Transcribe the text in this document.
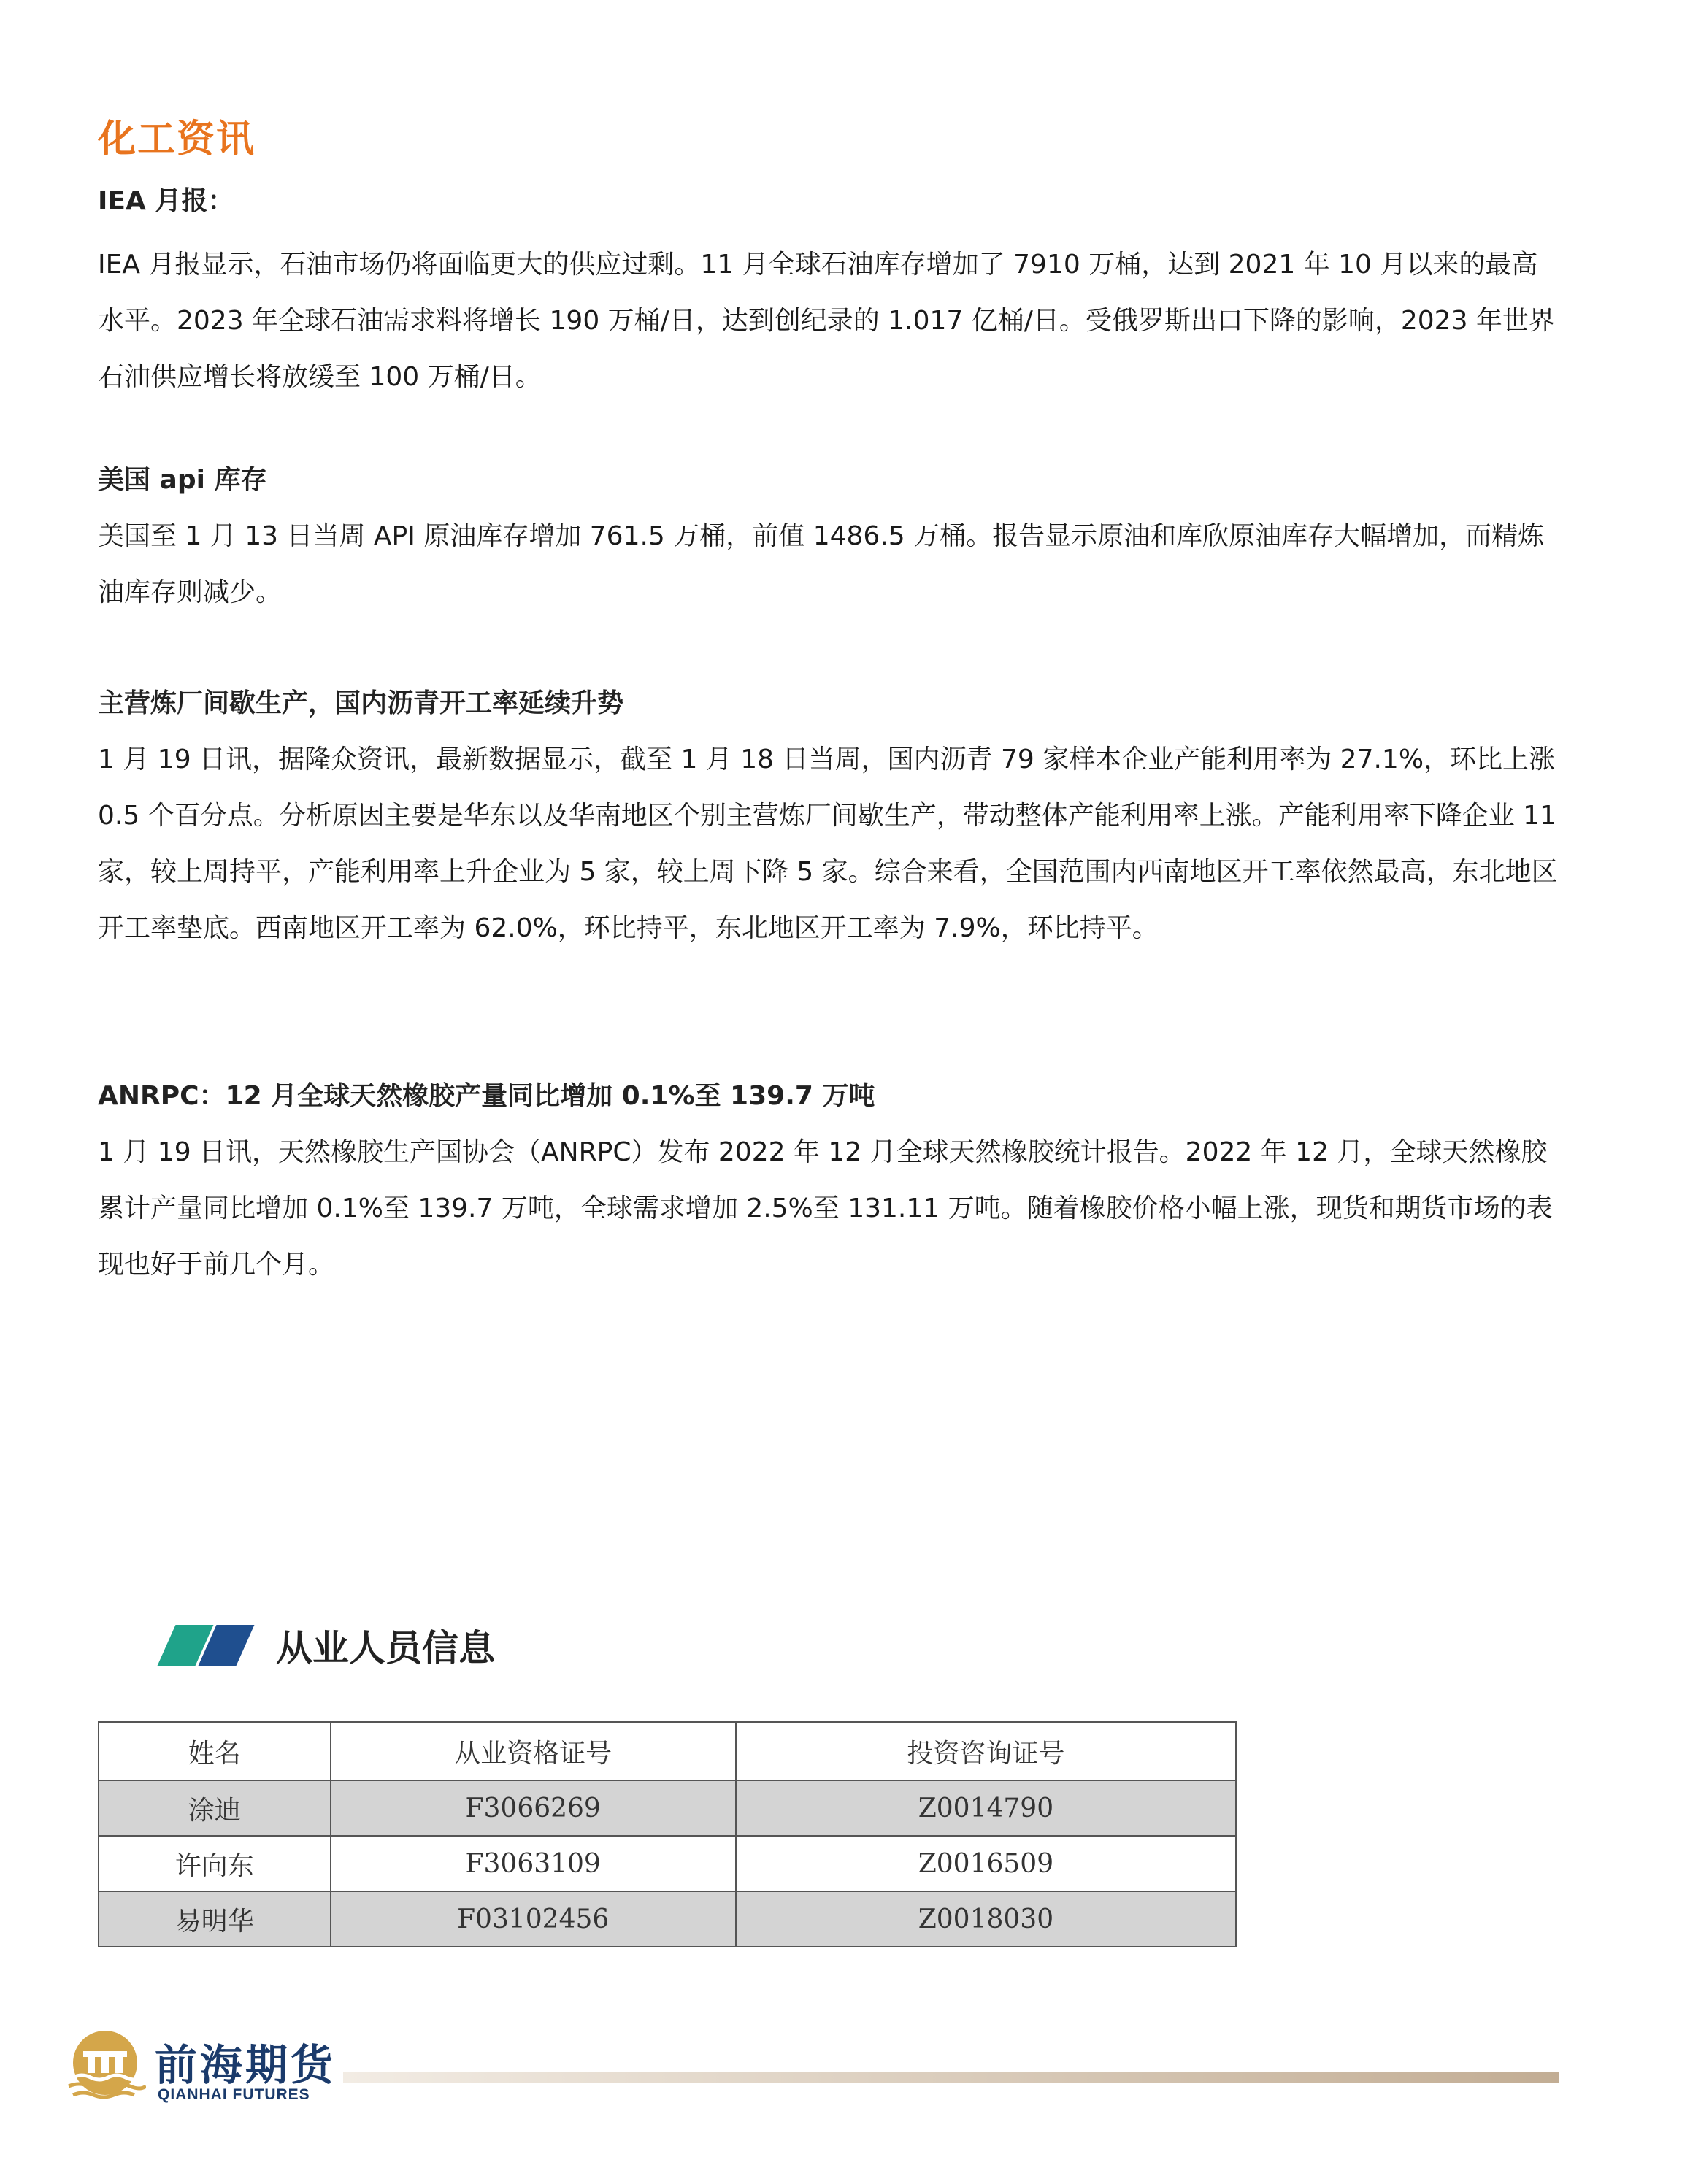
化工资讯

IEA 月报：

IEA 月报显示，石油市场仍将面临更大的供应过剩。11 月全球石油库存增加了 7910 万桶，达到 2021 年 10 月以来的最高水平。2023 年全球石油需求料将增长 190 万桶/日，达到创纪录的 1.017 亿桶/日。受俄罗斯出口下降的影响，2023 年世界石油供应增长将放缓至 100 万桶/日。

美国 api 库存

美国至 1 月 13 日当周 API 原油库存增加 761.5 万桶，前值 1486.5 万桶。报告显示原油和库欣原油库存大幅增加，而精炼油库存则减少。

主营炼厂间歇生产，国内沥青开工率延续升势

1 月 19 日讯，据隆众资讯，最新数据显示，截至 1 月 18 日当周，国内沥青 79 家样本企业产能利用率为 27.1%，环比上涨 0.5 个百分点。分析原因主要是华东以及华南地区个别主营炼厂间歇生产，带动整体产能利用率上涨。产能利用率下降企业 11 家，较上周持平，产能利用率上升企业为 5 家，较上周下降 5 家。综合来看，全国范围内西南地区开工率依然最高，东北地区开工率垫底。西南地区开工率为 62.0%，环比持平，东北地区开工率为 7.9%，环比持平。

ANRPC：12 月全球天然橡胶产量同比增加 0.1%至 139.7 万吨

1 月 19 日讯，天然橡胶生产国协会（ANRPC）发布 2022 年 12 月全球天然橡胶统计报告。2022 年 12 月，全球天然橡胶累计产量同比增加 0.1%至 139.7 万吨，全球需求增加 2.5%至 131.11 万吨。随着橡胶价格小幅上涨，现货和期货市场的表现也好于前几个月。

从业人员信息
姓名	从业资格证号	投资咨询证号
涂迪	F3066269	Z0014790
许向东	F3063109	Z0016509
易明华	F03102456	Z0018030
前海期货
QIANHAI FUTURES
